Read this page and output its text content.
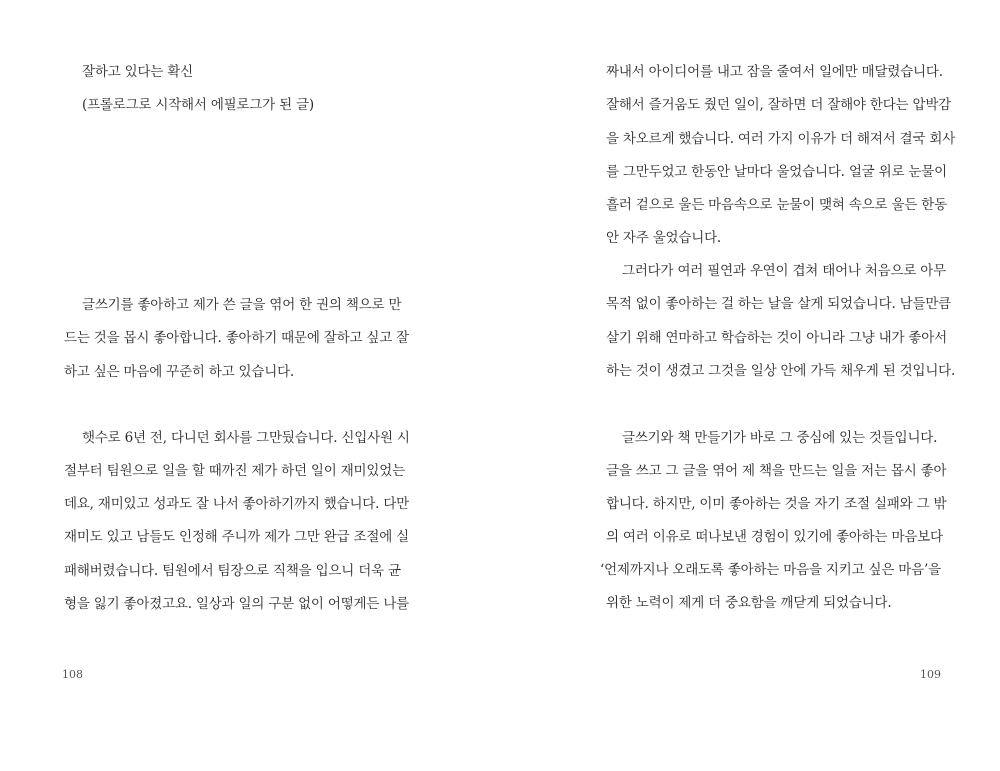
잘하고 있다는 확신
(프롤로그로 시작해서 에필로그가 된 글)
글쓰기를 좋아하고 제가 쓴 글을 엮어 한 권의 책으로 만
드는 것을 몹시 좋아합니다. 좋아하기 때문에 잘하고 싶고 잘
하고 싶은 마음에 꾸준히 하고 있습니다.
햇수로 6년 전, 다니던 회사를 그만뒀습니다. 신입사원 시
절부터 팀원으로 일을 할 때까진 제가 하던 일이 재미있었는
데요, 재미있고 성과도 잘 나서 좋아하기까지 했습니다. 다만
재미도 있고 남들도 인정해 주니까 제가 그만 완급 조절에 실
패해버렸습니다. 팀원에서 팀장으로 직책을 입으니 더욱 균
형을 잃기 좋아졌고요. 일상과 일의 구분 없이 어떻게든 나를
108
짜내서 아이디어를 내고 잠을 줄여서 일에만 매달렸습니다.
잘해서 즐거움도 줬던 일이, 잘하면 더 잘해야 한다는 압박감
을 차오르게 했습니다. 여러 가지 이유가 더 해져서 결국 회사
를 그만두었고 한동안 날마다 울었습니다. 얼굴 위로 눈물이
흘러 겉으로 울든 마음속으로 눈물이 맺혀 속으로 울든 한동
안 자주 울었습니다.
그러다가 여러 필연과 우연이 겹쳐 태어나 처음으로 아무
목적 없이 좋아하는 걸 하는 날을 살게 되었습니다. 남들만큼
살기 위해 연마하고 학습하는 것이 아니라 그냥 내가 좋아서
하는 것이 생겼고 그것을 일상 안에 가득 채우게 된 것입니다.
글쓰기와 책 만들기가 바로 그 중심에 있는 것들입니다.
글을 쓰고 그 글을 엮어 제 책을 만드는 일을 저는 몹시 좋아
합니다. 하지만, 이미 좋아하는 것을 자기 조절 실패와 그 밖
의 여러 이유로 떠나보낸 경험이 있기에 좋아하는 마음보다
‘언제까지나 오래도록 좋아하는 마음을 지키고 싶은 마음’을
위한 노력이 제게 더 중요함을 깨닫게 되었습니다.
109
